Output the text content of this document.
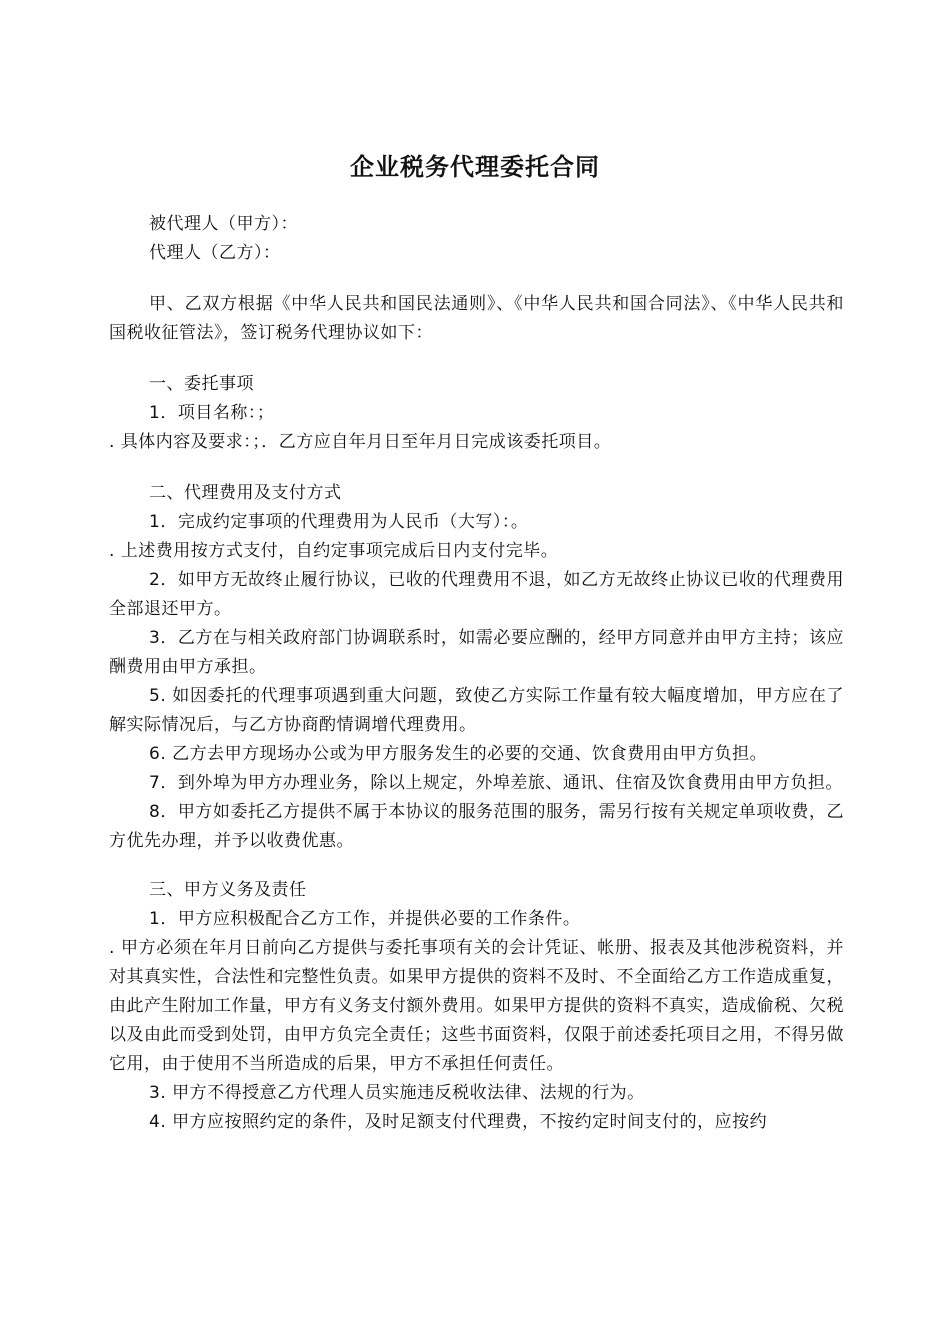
企业税务代理委托合同

被代理人（甲方）：

代理人（乙方）：

甲、乙双方根据《中华人民共和国民法通则》、《中华人民共和国合同法》、《中华人民共和国税收征管法》，签订税务代理协议如下：

一、委托事项

1．项目名称：；

. 具体内容及要求：；．乙方应自年月日至年月日完成该委托项目。

二、代理费用及支付方式

1．完成约定事项的代理费用为人民币（大写）：。

. 上述费用按方式支付，自约定事项完成后日内支付完毕。

2．如甲方无故终止履行协议，已收的代理费用不退，如乙方无故终止协议已收的代理费用全部退还甲方。

3．乙方在与相关政府部门协调联系时，如需必要应酬的，经甲方同意并由甲方主持；该应酬费用由甲方承担。

5. 如因委托的代理事项遇到重大问题，致使乙方实际工作量有较大幅度增加，甲方应在了解实际情况后，与乙方协商酌情调增代理费用。

6. 乙方去甲方现场办公或为甲方服务发生的必要的交通、饮食费用由甲方负担。

7．到外埠为甲方办理业务，除以上规定，外埠差旅、通讯、住宿及饮食费用由甲方负担。

8．甲方如委托乙方提供不属于本协议的服务范围的服务，需另行按有关规定单项收费，乙方优先办理，并予以收费优惠。

三、甲方义务及责任

1．甲方应积极配合乙方工作，并提供必要的工作条件。

. 甲方必须在年月日前向乙方提供与委托事项有关的会计凭证、帐册、报表及其他涉税资料，并对其真实性，合法性和完整性负责。如果甲方提供的资料不及时、不全面给乙方工作造成重复，由此产生附加工作量，甲方有义务支付额外费用。如果甲方提供的资料不真实，造成偷税、欠税以及由此而受到处罚，由甲方负完全责任；这些书面资料，仅限于前述委托项目之用，不得另做它用，由于使用不当所造成的后果，甲方不承担任何责任。

3. 甲方不得授意乙方代理人员实施违反税收法律、法规的行为。

4. 甲方应按照约定的条件，及时足额支付代理费，不按约定时间支付的，应按约
